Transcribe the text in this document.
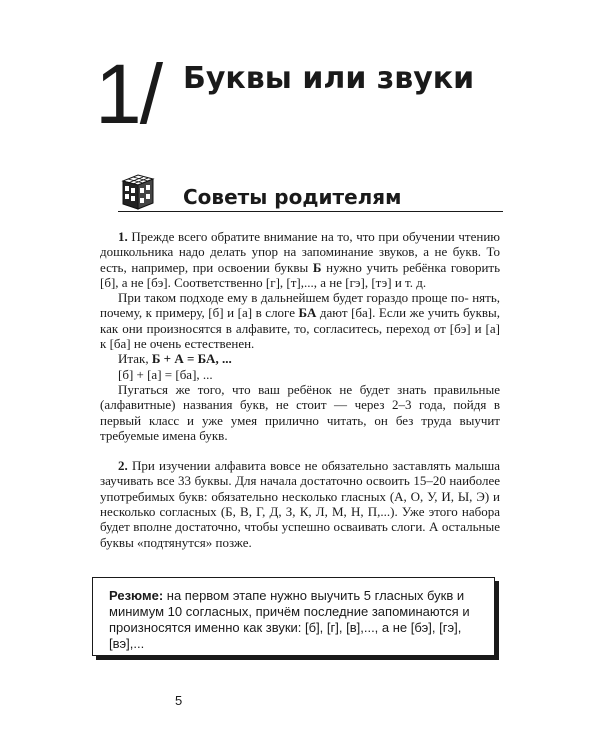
1/ Буквы или звуки
Советы родителям

1. Прежде всего обратите внимание на то, что при обучении чтению дошкольника надо делать упор на запоминание звуков, а не букв. То есть, например, при освоении буквы Б нужно учить ребёнка говорить [б], а не [бэ]. Соответственно [г], [т],..., а не [гэ], [тэ] и т. д.

При таком подходе ему в дальнейшем будет гораздо проще по- нять, почему, к примеру, [б] и [а] в слоге БА дают [ба]. Если же учить буквы, как они произносятся в алфавите, то, согласитесь, переход от [бэ] и [а] к [ба] не очень естественен.

Итак, Б + А = БА, ...

[б] + [а] = [ба], ...

Пугаться же того, что ваш ребёнок не будет знать правильные (алфавитные) названия букв, не стоит — через 2–3 года, пойдя в первый класс и уже умея прилично читать, он без труда выучит требуемые имена букв.

2. При изучении алфавита вовсе не обязательно заставлять малыша заучивать все 33 буквы. Для начала достаточно освоить 15–20 наиболее употребимых букв: обязательно несколько гласных (А, О, У, И, Ы, Э) и несколько согласных (Б, В, Г, Д, З, К, Л, М, Н, П,...). Уже этого набора будет вполне достаточно, чтобы успешно осваивать слоги. А остальные буквы «подтянутся» позже.

Резюме: на первом этапе нужно выучить 5 гласных букв и минимум 10 согласных, причём последние запоминаются и произносятся именно как звуки: [б], [г], [в],..., а не [бэ], [гэ], [вэ],...
5
